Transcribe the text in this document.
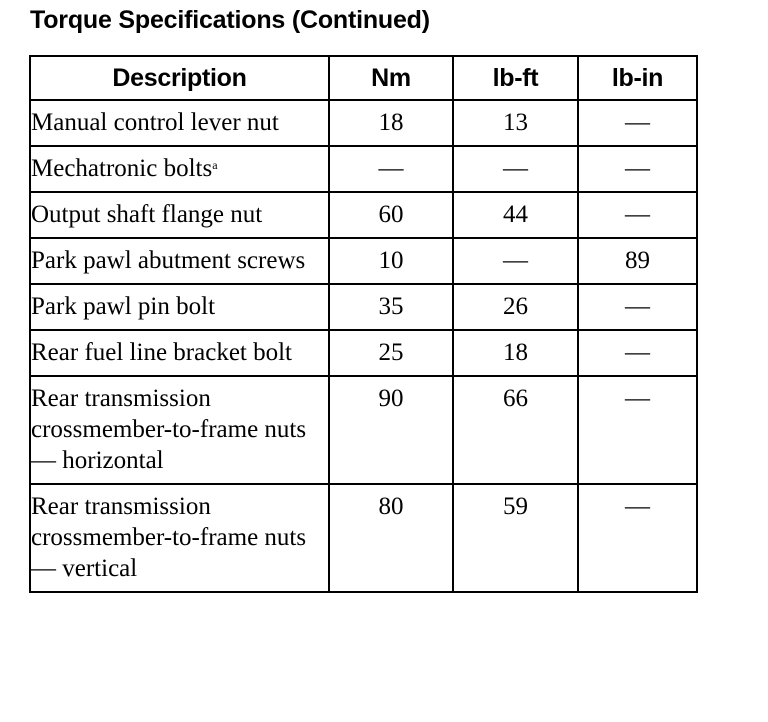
Torque Specifications (Continued)
Description	Nm	lb-ft	lb-in
Manual control lever nut	18	13	—
Mechatronic bolts$^a$	—	—	—
Output shaft flange nut	60	44	—
Park pawl abutment screws	10	—	89
Park pawl pin bolt	35	26	—
Rear fuel line bracket bolt	25	18	—
Rear transmission crossmember-to-frame nuts — horizontal	90	66	—
Rear transmission crossmember-to-frame nuts — vertical	80	59	—
